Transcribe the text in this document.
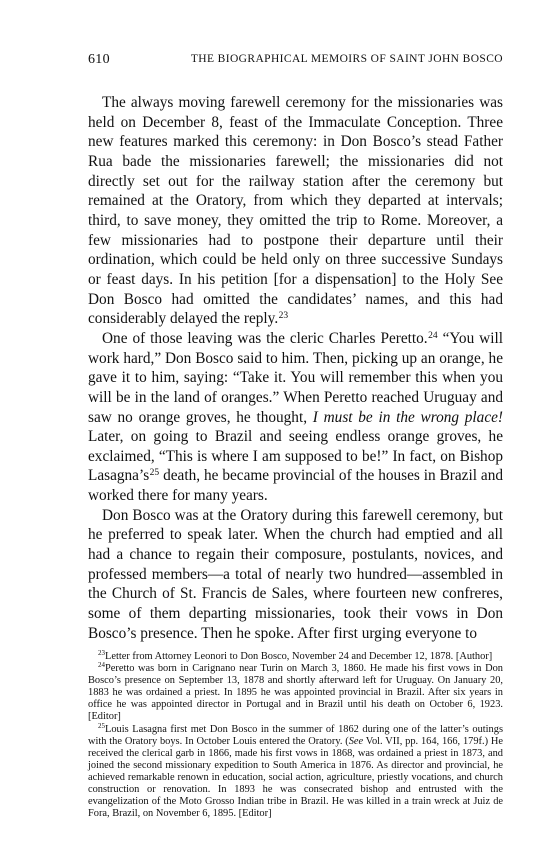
610	THE BIOGRAPHICAL MEMOIRS OF SAINT JOHN BOSCO

The always moving farewell ceremony for the missionaries was held on December 8, feast of the Immaculate Conception. Three new features marked this ceremony: in Don Bosco’s stead Father Rua bade the missionaries farewell; the missionaries did not directly set out for the railway station after the ceremony but remained at the Oratory, from which they departed at intervals; third, to save money, they omitted the trip to Rome. Moreover, a few missionaries had to postpone their departure until their ordination, which could be held only on three successive Sundays or feast days. In his petition [for a dispensation] to the Holy See Don Bosco had omitted the candidates’ names, and this had considerably delayed the reply.$^{23}$

One of those leaving was the cleric Charles Peretto.$^{24}$ “You will work hard,” Don Bosco said to him. Then, picking up an orange, he gave it to him, saying: “Take it. You will remember this when you will be in the land of oranges.” When Peretto reached Uruguay and saw no orange groves, he thought, I must be in the wrong place! Later, on going to Brazil and seeing endless orange groves, he exclaimed, “This is where I am supposed to be!” In fact, on Bishop Lasagna’s$^{25}$ death, he became provincial of the houses in Brazil and worked there for many years.

Don Bosco was at the Oratory during this farewell ceremony, but he preferred to speak later. When the church had emptied and all had a chance to regain their composure, postulants, novices, and professed members—a total of nearly two hundred—assembled in the Church of St. Francis de Sales, where fourteen new confreres, some of them departing missionaries, took their vows in Don Bosco’s presence. Then he spoke. After first urging everyone to

$^{23}$Letter from Attorney Leonori to Don Bosco, November 24 and December 12, 1878. [Author]

$^{24}$Peretto was born in Carignano near Turin on March 3, 1860. He made his first vows in Don Bosco’s presence on September 13, 1878 and shortly afterward left for Uruguay. On January 20, 1883 he was ordained a priest. In 1895 he was appointed provincial in Brazil. After six years in office he was appointed director in Portugal and in Brazil until his death on October 6, 1923. [Editor]

$^{25}$Louis Lasagna first met Don Bosco in the summer of 1862 during one of the latter’s outings with the Oratory boys. In October Louis entered the Oratory. (See Vol. VII, pp. 164, 166, 179f.) He received the clerical garb in 1866, made his first vows in 1868, was ordained a priest in 1873, and joined the second missionary expedition to South America in 1876. As director and provincial, he achieved remarkable renown in education, social action, agriculture, priestly vocations, and church construction or renovation. In 1893 he was consecrated bishop and entrusted with the evangelization of the Moto Grosso Indian tribe in Brazil. He was killed in a train wreck at Juiz de Fora, Brazil, on November 6, 1895. [Editor]
